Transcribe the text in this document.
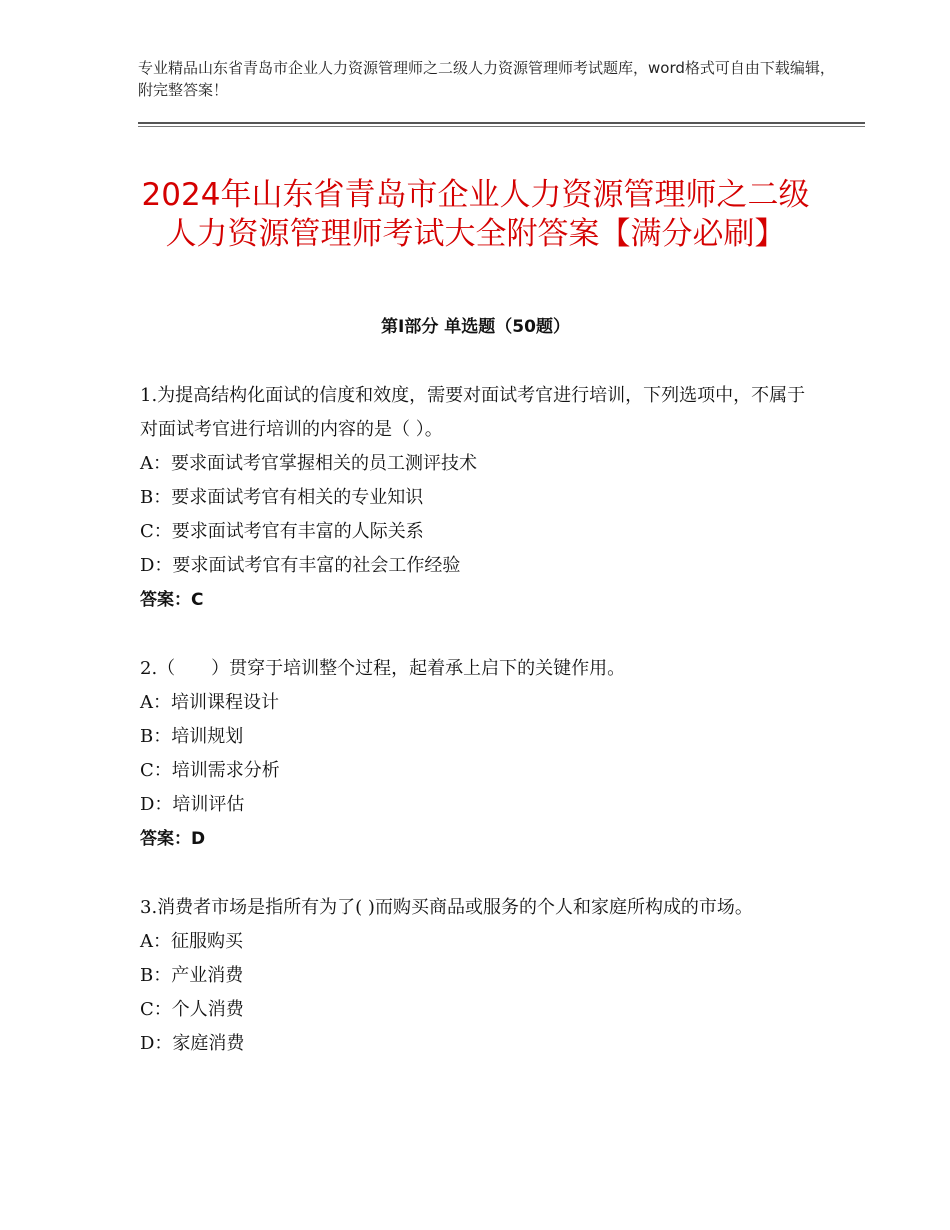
专业精品山东省青岛市企业人力资源管理师之二级人力资源管理师考试题库，word格式可自由下载编辑，附完整答案！
2024年山东省青岛市企业人力资源管理师之二级人力资源管理师考试大全附答案【满分必刷】
第Ⅰ部分 单选题（50题）

1.为提高结构化面试的信度和效度，需要对面试考官进行培训，下列选项中，不属于对面试考官进行培训的内容的是（ ）。

A：要求面试考官掌握相关的员工测评技术

B：要求面试考官有相关的专业知识

C：要求面试考官有丰富的人际关系

D：要求面试考官有丰富的社会工作经验

答案：C

2.（　　）贯穿于培训整个过程，起着承上启下的关键作用。

A：培训课程设计

B：培训规划

C：培训需求分析

D：培训评估

答案：D

3.消费者市场是指所有为了( )而购买商品或服务的个人和家庭所构成的市场。

A：征服购买

B：产业消费

C：个人消费

D：家庭消费
